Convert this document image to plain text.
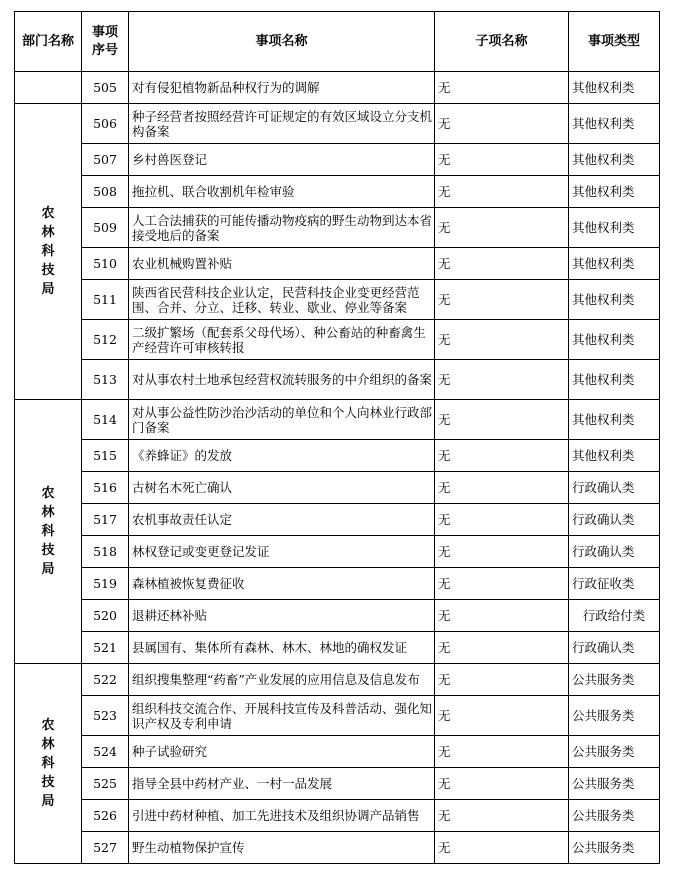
部门名称	事项序号	事项名称	子项名称	事项类型
	505	对有侵犯植物新品种权行为的调解	无	其他权利类

农
林
科
技
局	506	种子经营者按照经营许可证规定的有效区域设立分支机构备案	无	其他权利类
	507	乡村兽医登记	无	其他权利类
	508	拖拉机、联合收割机年检审验	无	其他权利类
	509	人工合法捕获的可能传播动物疫病的野生动物到达本省接受地后的备案	无	其他权利类
	510	农业机械购置补贴	无	其他权利类
	511	陕西省民营科技企业认定，民营科技企业变更经营范围、合并、分立、迁移、转业、歇业、停业等备案	无	其他权利类
	512	二级扩繁场（配套系父母代场）、种公畜站的种畜禽生产经营许可审核转报	无	其他权利类
	513	对从事农村土地承包经营权流转服务的中介组织的备案	无	其他权利类

农
林
科
技
局	514	对从事公益性防沙治沙活动的单位和个人向林业行政部门备案	无	其他权利类
	515	《养蜂证》的发放	无	其他权利类
	516	古树名木死亡确认	无	行政确认类
	517	农机事故责任认定	无	行政确认类
	518	林权登记或变更登记发证	无	行政确认类
	519	森林植被恢复费征收	无	行政征收类
	520	退耕还林补贴	无	行政给付类
	521	县属国有、集体所有森林、林木、林地的确权发证	无	行政确认类

农
林
科
技
局	522	组织搜集整理“药畜”产业发展的应用信息及信息发布	无	公共服务类
	523	组织科技交流合作、开展科技宣传及科普活动、强化知识产权及专利申请	无	公共服务类
	524	种子试验研究	无	公共服务类
	525	指导全县中药材产业、一村一品发展	无	公共服务类
	526	引进中药材种植、加工先进技术及组织协调产品销售	无	公共服务类
	527	野生动植物保护宣传	无	公共服务类
